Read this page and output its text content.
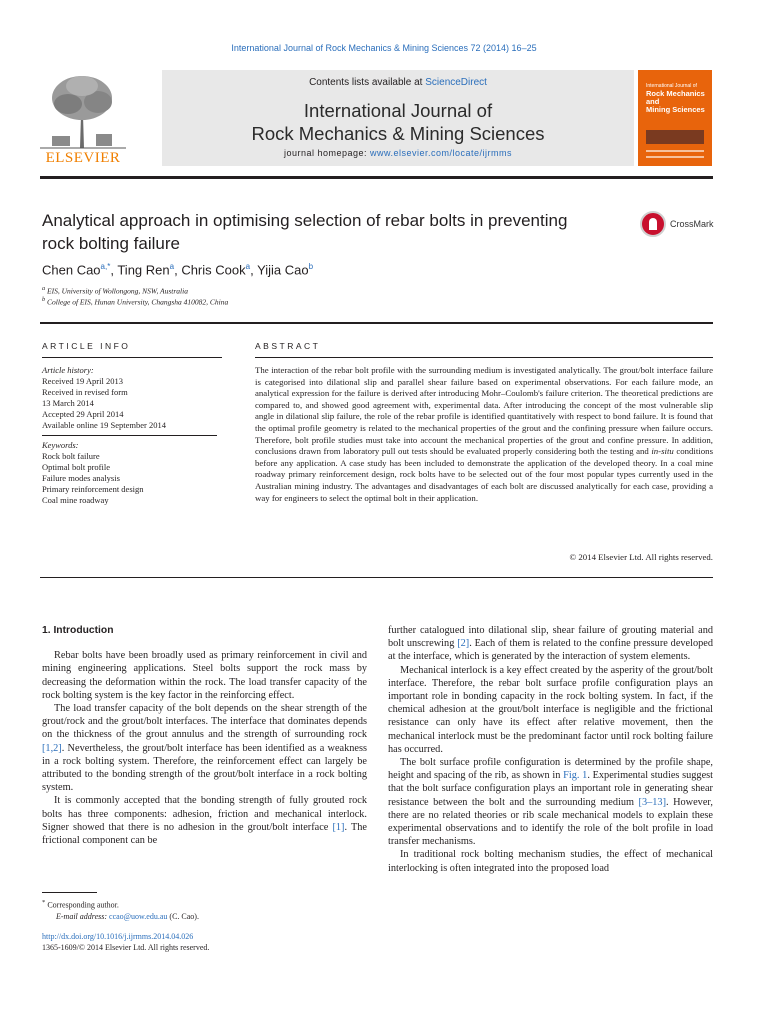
International Journal of Rock Mechanics & Mining Sciences 72 (2014) 16–25
ELSEVIER
Contents lists available at ScienceDirect
International Journal of
Rock Mechanics & Mining Sciences
journal homepage: www.elsevier.com/locate/ijrmms
International Journal of
Rock Mechanics
and
Mining Sciences
Analytical approach in optimising selection of rebar bolts in preventing
rock bolting failure
CrossMark
Chen Cao$^{a,*}$, Ting Ren$^a$, Chris Cook$^a$, Yijia Cao$^b$
$^a$ EIS, University of Wollongong, NSW, Australia
$^b$ College of EIS, Hunan University, Changsha 410082, China
ARTICLE INFO
Article history:
Received 19 April 2013
Received in revised form
13 March 2014
Accepted 29 April 2014
Available online 19 September 2014
Keywords:
Rock bolt failure
Optimal bolt profile
Failure modes analysis
Primary reinforcement design
Coal mine roadway
ABSTRACT
The interaction of the rebar bolt profile with the surrounding medium is investigated analytically. The grout/bolt interface failure is categorised into dilational slip and parallel shear failure based on experimental observations. For each failure mode, an analytical expression for the failure is derived after introducing Mohr–Coulomb's failure criterion. The theoretical predictions are compared to, and showed good agreement with, experimental data. After introducing the concept of the most vulnerable slip angle in dilational slip failure, the role of the rebar profile is identified quantitatively with respect to bond failure. It is found that the optimal profile geometry is related to the mechanical properties of the grout and the confining pressure when failure occurs. Therefore, bolt profile studies must take into account the mechanical properties of the grout and confine pressure. In addition, conclusions drawn from laboratory pull out tests should be evaluated properly considering both the testing and in-situ conditions before any application. A case study has been included to demonstrate the application of the developed theory. In a coal mine roadway primary reinforcement design, rock bolts have to be selected out of the four most popular types currently used in the Australian mining industry. The advantages and disadvantages of each bolt are discussed analytically for each case, providing a way for engineers to select the optimal bolt in their application.
© 2014 Elsevier Ltd. All rights reserved.
1. Introduction

Rebar bolts have been broadly used as primary reinforcement in civil and mining engineering applications. Steel bolts support the rock mass by decreasing the deformation within the rock. The load transfer capacity of the rock bolting system is the key factor in the reinforcing effect.

The load transfer capacity of the bolt depends on the shear strength of the grout/rock and the grout/bolt interfaces. The interface that dominates depends on the thickness of the grout annulus and the strength of surrounding rock [1,2]. Nevertheless, the grout/bolt interface has been identified as a weakness in a rock bolting system. Therefore, the reinforcement effect can largely be attributed to the bonding strength of the grout/bolt interface in a rock bolting system.

It is commonly accepted that the bonding strength of fully grouted rock bolts has three components: adhesion, friction and mechanical interlock. Signer showed that there is no adhesion in the grout/bolt interface [1]. The frictional component can be

further catalogued into dilational slip, shear failure of grouting material and bolt unscrewing [2]. Each of them is related to the confine pressure developed at the interface, which is generated by the interaction of system elements.

Mechanical interlock is a key effect created by the asperity of the grout/bolt interface. Therefore, the rebar bolt surface profile configuration plays an important role in bonding capacity in the rock bolting system. In fact, if the chemical adhesion at the grout/bolt interface is negligible and the frictional resistance can only have its effect after relative movement, then the mechanical interlock must be the predominant factor until rock bolting failure has occurred.

The bolt surface profile configuration is determined by the profile shape, height and spacing of the rib, as shown in Fig. 1. Experimental studies suggest that the bolt surface configuration plays an important role in generating shear resistance between the bolt and the surrounding medium [3–13]. However, there are no related theories or rib scale mechanical models to explain these experimental observations and to identify the role of the bolt profile in load transfer mechanisms.

In traditional rock bolting mechanism studies, the effect of mechanical interlocking is often integrated into the proposed load

* Corresponding author.
E-mail address: ccao@uow.edu.au (C. Cao).
http://dx.doi.org/10.1016/j.ijrmms.2014.04.026
1365-1609/© 2014 Elsevier Ltd. All rights reserved.
